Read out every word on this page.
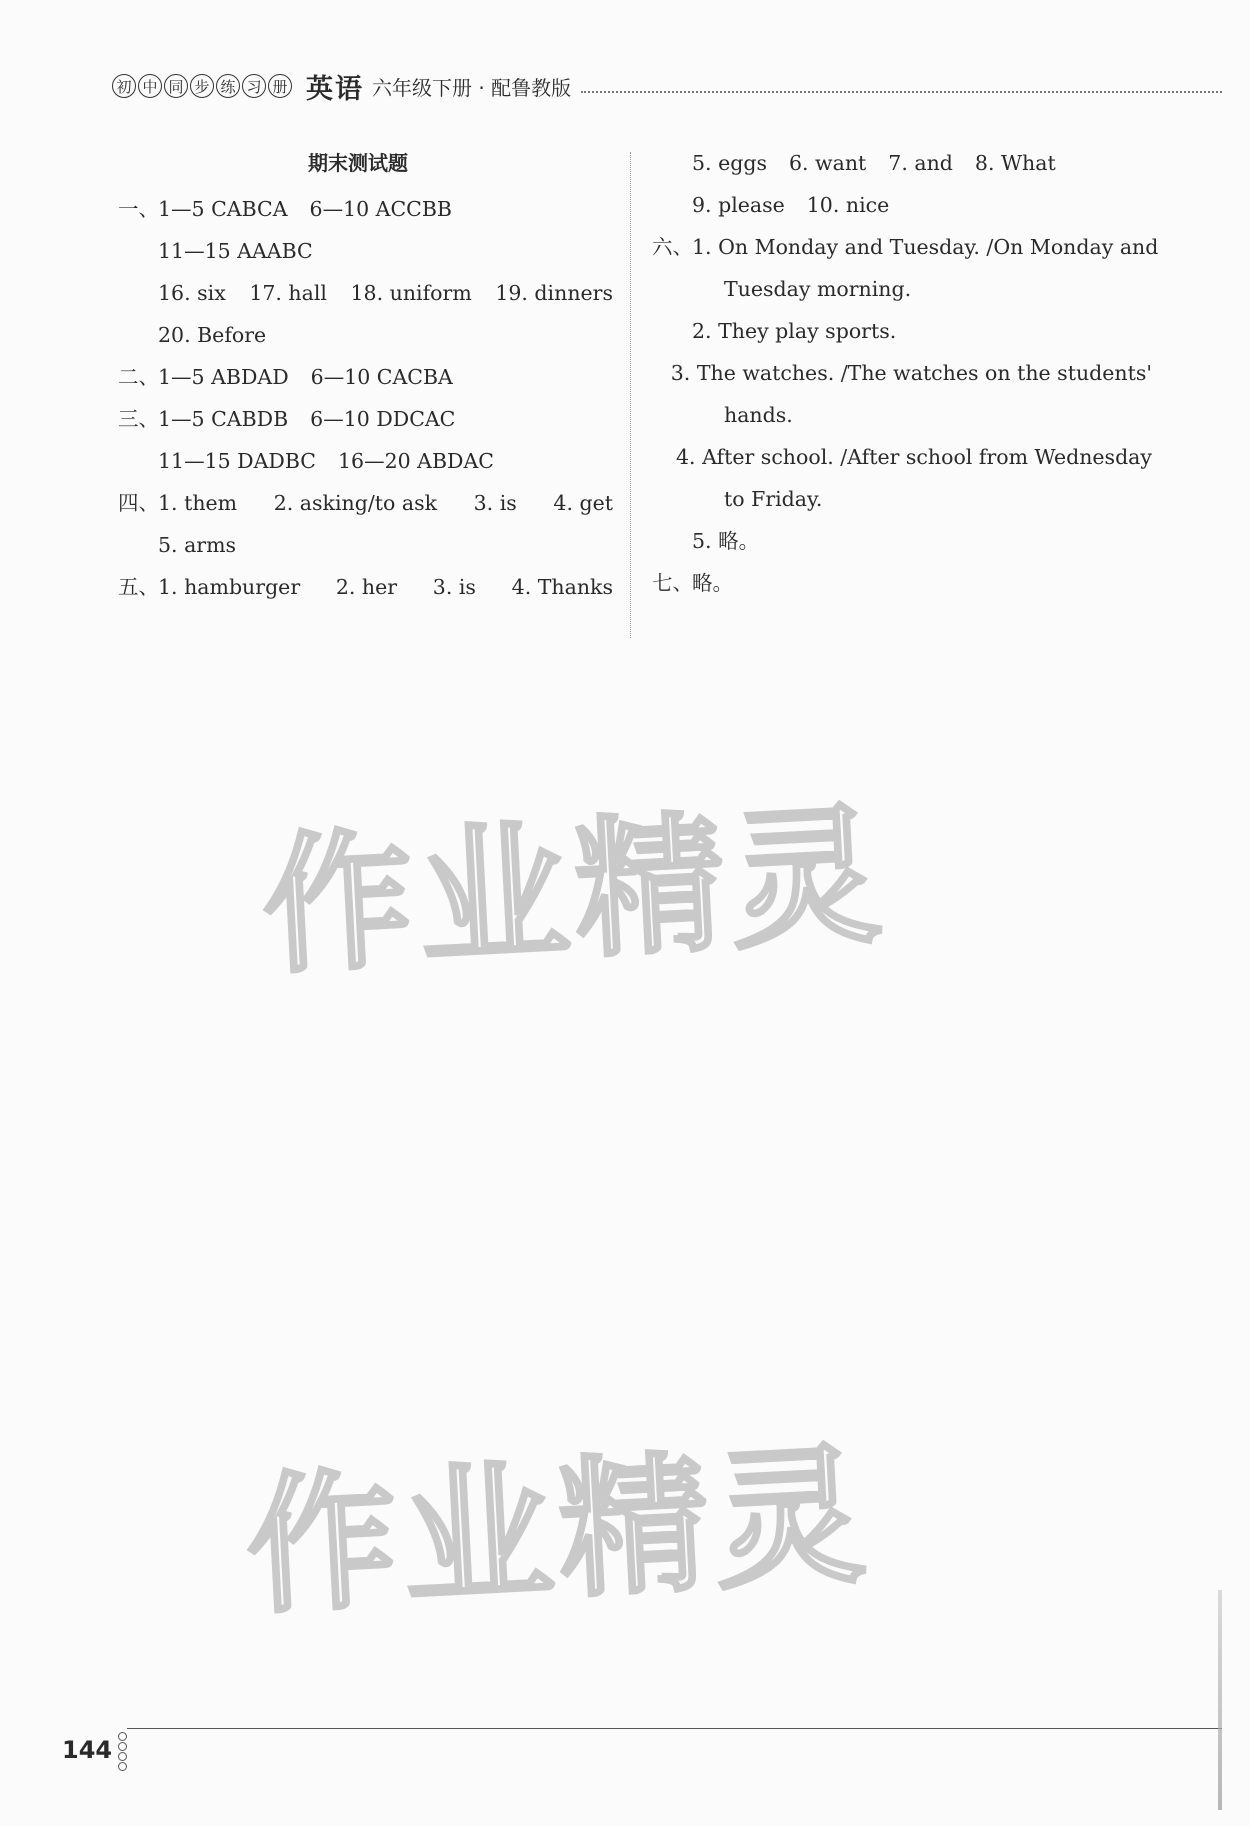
初 中 同 步 练 习 册 英语 六年级下册 · 配鲁教版
期末测试题
一、 1—5 CABCA 6—10 ACCBB
11—15 AAABC
16. six 17. hall 18. uniform 19. dinners
20. Before
二、 1—5 ABDAD 6—10 CACBA
三、 1—5 CABDB 6—10 DDCAC
11—15 DADBC 16—20 ABDAC
四、 1. them 2. asking/to ask 3. is 4. get
5. arms
五、 1. hamburger 2. her 3. is 4. Thanks
5. eggs 6. want 7. and 8. What
9. please 10. nice
六、 1. On Monday and Tuesday. /On Monday and
Tuesday morning.
2. They play sports.
3. The watches. /The watches on the students'
hands.
4. After school. /After school from Wednesday
to Friday.
5. 略。
七、 略。
作业精灵
作业精灵
144
